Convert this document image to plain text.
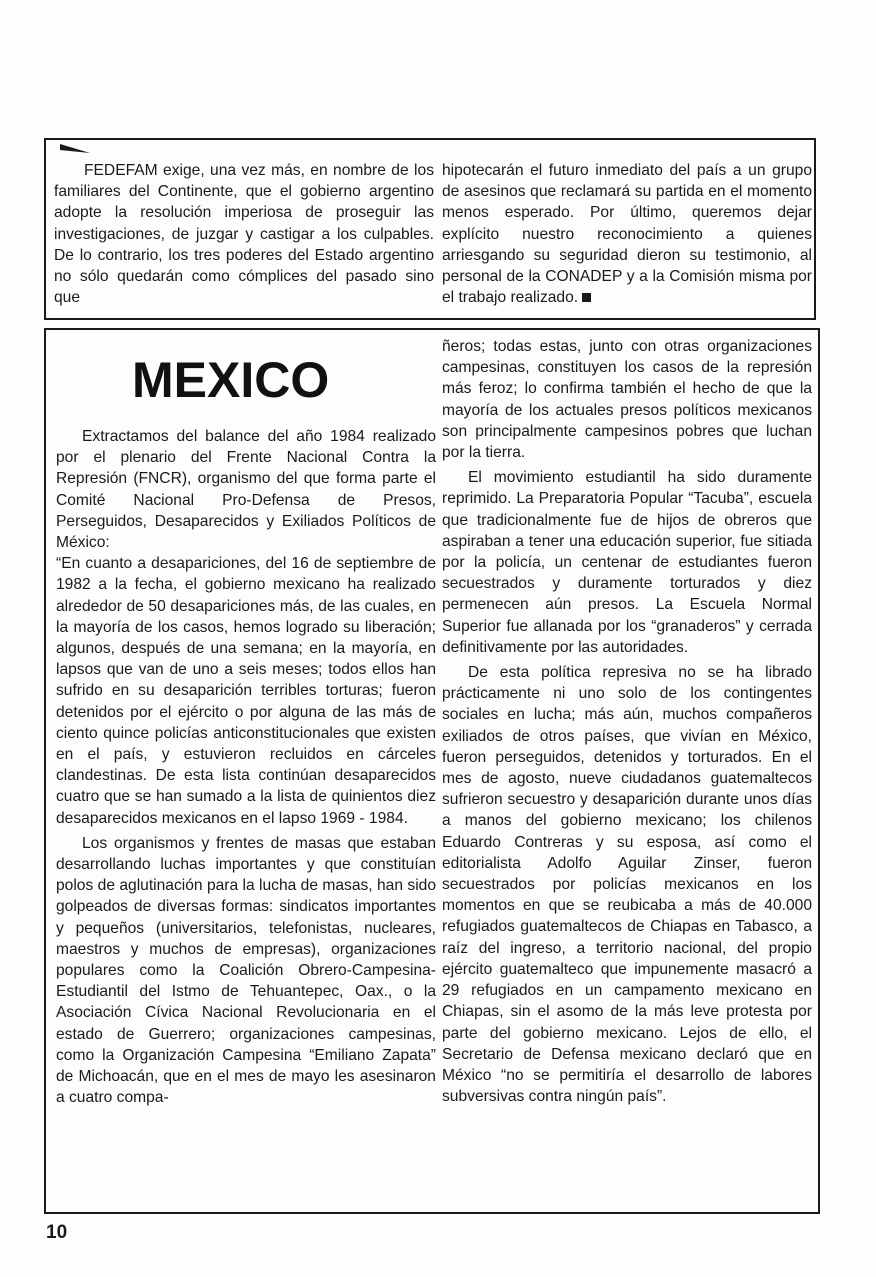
FEDEFAM exige, una vez más, en nombre de los familiares del Continente, que el gobierno argentino adopte la resolución imperiosa de proseguir las investigaciones, de juzgar y castigar a los culpables. De lo contrario, los tres poderes del Estado argentino no sólo quedarán como cómplices del pasado sino que
hipotecarán el futuro inmediato del país a un grupo de asesinos que reclamará su partida en el momento menos esperado. Por último, queremos dejar explícito nuestro reconocimiento a quienes arriesgando su seguridad dieron su testimonio, al personal de la CONADEP y a la Comisión misma por el trabajo realizado.
MEXICO

Extractamos del balance del año 1984 realizado por el plenario del Frente Nacional Contra la Represión (FNCR), organismo del que forma parte el Comité Nacional Pro-Defensa de Presos, Perseguidos, Desaparecidos y Exiliados Políticos de México:

“En cuanto a desapariciones, del 16 de septiembre de 1982 a la fecha, el gobierno mexicano ha realizado alrededor de 50 desapariciones más, de las cuales, en la mayoría de los casos, hemos logrado su liberación; algunos, después de una semana; en la mayoría, en lapsos que van de uno a seis meses; todos ellos han sufrido en su desaparición terribles torturas; fueron detenidos por el ejército o por alguna de las más de ciento quince policías anticonstitucionales que existen en el país, y estuvieron recluidos en cárceles clandestinas. De esta lista continúan desaparecidos cuatro que se han sumado a la lista de quinientos diez desaparecidos mexicanos en el lapso 1969 - 1984.

Los organismos y frentes de masas que estaban desarrollando luchas importantes y que constituían polos de aglutinación para la lucha de masas, han sido golpeados de diversas formas: sindicatos importantes y pequeños (universitarios, telefonistas, nucleares, maestros y muchos de empresas), organizaciones populares como la Coalición Obrero-Campesina-Estudiantil del Istmo de Tehuantepec, Oax., o la Asociación Cívica Nacional Revolucionaria en el estado de Guerrero; organizaciones campesinas, como la Organización Campesina “Emiliano Zapata” de Michoacán, que en el mes de mayo les asesinaron a cuatro compa-

ñeros; todas estas, junto con otras organizaciones campesinas, constituyen los casos de la represión más feroz; lo confirma también el hecho de que la mayoría de los actuales presos políticos mexicanos son principalmente campesinos pobres que luchan por la tierra.

El movimiento estudiantil ha sido duramente reprimido. La Preparatoria Popular “Tacuba”, escuela que tradicionalmente fue de hijos de obreros que aspiraban a tener una educación superior, fue sitiada por la policía, un centenar de estudiantes fueron secuestrados y duramente torturados y diez permenecen aún presos. La Escuela Normal Superior fue allanada por los “granaderos” y cerrada definitivamente por las autoridades.

De esta política represiva no se ha librado prácticamente ni uno solo de los contingentes sociales en lucha; más aún, muchos compañeros exiliados de otros países, que vivían en México, fueron perseguidos, detenidos y torturados. En el mes de agosto, nueve ciudadanos guatemaltecos sufrieron secuestro y desaparición durante unos días a manos del gobierno mexicano; los chilenos Eduardo Contreras y su esposa, así como el editorialista Adolfo Aguilar Zinser, fueron secuestrados por policías mexicanos en los momentos en que se reubicaba a más de 40.000 refugiados guatemaltecos de Chiapas en Tabasco, a raíz del ingreso, a territorio nacional, del propio ejército guatemalteco que impunemente masacró a 29 refugiados en un campamento mexicano en Chiapas, sin el asomo de la más leve protesta por parte del gobierno mexicano. Lejos de ello, el Secretario de Defensa mexicano declaró que en México “no se permitiría el desarrollo de labores subversivas contra ningún país”.

10
